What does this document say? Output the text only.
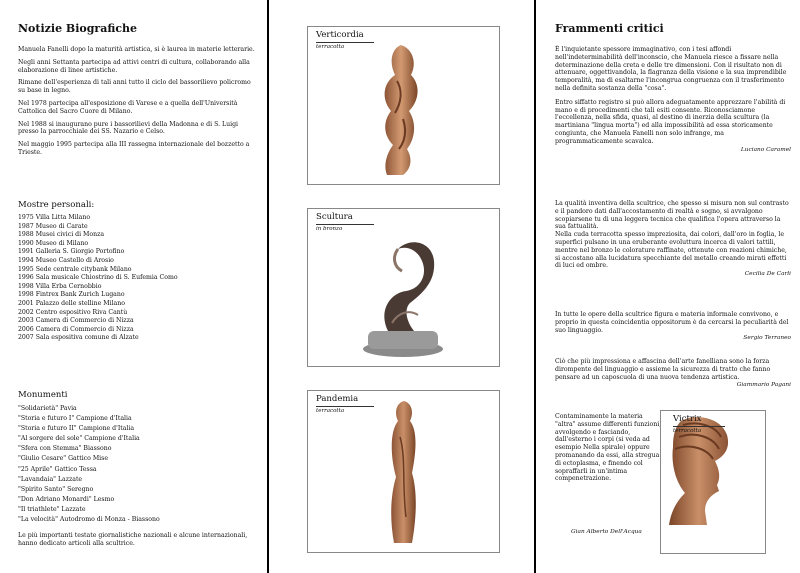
Notizie Biografiche

Manuela Fanelli dopo la maturità artistica, si è laurea in materie letterarie.

Negli anni Settanta partecipa ad attivi centri di cultura, collaborando alla elaborazione di linee artistiche.

Rimane dell'esperienza di tali anni tutto il ciclo del bassorilievo policromo su base in legno.

Nel 1978 partecipa all'esposizione di Varese e a quella dell'Università Cattolica del Sacro Cuore di Milano.

Nel 1988 si inaugurano pure i bassorilievi della Madonna e di S. Luigi presso la parrocchiale dei SS. Nazario e Celso.

Nel maggio 1995 partecipa alla III rassegna internazionale del bozzetto a Trieste.

Mostre personali:
1975 Villa Litta Milano
1987 Museo di Carate
1988 Musei civici di Monza
1990 Museo di Milano
1991 Galleria S. Giorgio Portofino
1994 Museo Castello di Arosio
1995 Sede centrale citybank Milano
1996 Sala musicale Chiostrino di S. Eufemia Como
1998 Villa Erba Cernobbio
1998 Fintrex Bank Zurich Lugano
2001 Palazzo delle stelline Milano
2002 Centro espositivo Riva Cantù
2003 Camera di Commercio di Nizza
2006 Camera di Commercio di Nizza
2007 Sala espositiva comune di Alzate
Monumenti
"Solidarietà" Pavia
"Storia e futuro I" Campione d'Italia
"Storia e futuro II" Campione d'Italia
"Al sorgere del sole" Campione d'Italia
"Sfera con Stemma" Biassono
"Giulio Cesare" Gattico Mise
"25 Aprile" Gattico Tessa
"Lavandaia" Lazzate
"Spirito Santo" Seregno
"Don Adriano Monardi" Lesmo
"Il triathlete" Lazzate
"La velocità" Autodromo di Monza - Biassono
Le più importanti testate giornalistiche nazionali e alcune internazionali, hanno dedicato articoli alla scultrice.
Verticordia
terracotta
Scultura
in bronzo
Pandemia
terracotta
Frammenti critici

È l'inquietante spessore immaginativo, con i tesi affondi nell'indeterminabilità dell'inconscio, che Manuela riesce a fissare nella determinazione della creta e delle tre dimensioni. Con il risultato non di attenuare, oggettivandola, la flagranza della visione e la sua imprendibile temporalità, ma di esaltarne l'incongrua congruenza con il trasferimento nella definita sostanza della "cosa".

Entro siffatto registro si può allora adeguatamente apprezzare l'abilità di mano e di procedimenti che tali esiti consente. Riconosciamone l'eccellenza, nella sfida, quasi, al destino di inerzia della scultura (la martiniana "lingua morta") ed alla impossibilità ad essa storicamente congiunta, che Manuela Fanelli non solo infrange, ma programmaticamente scavalca.

Luciano Caramel

La qualità inventiva della scultrice, che spesso si misura non sul contrasto e il pandoro dati dall'accostamento di realtà e sogno, si avvalgono scopiarsene tu di una leggera tecnica che qualifica l'opera attraverso la sua fattualità.

Nella cuda terracotta spesso impreziosita, dai colori, dall'oro in foglia, le superfici pulsano in una eruberante evoluttura incerca di valori tattili, mentre nel bronzo le colorature raffinate, ottenute con reazioni chimiche, si accostano alla lucidatura specchiante del metallo creando mirati effetti di luci ed ombre.

Cecilia De Carli

In tutte le opere della scultrice figura e materia informale convivono, e proprio in questa coincidentia oppositorum è da cercarsi la peculiarità del suo linguaggio.

Sergio Terraneo

Ciò che più impressiona e affascina dell'arte fanelliana sono la forza dirompente del linguaggio e assieme la sicurezza di tratto che fanno pensare ad un caposcuola di una nuova tendenza artistica.

Giammario Pagani
Contaminamente la materia "altra" assume differenti funzioni, avvolgendo e fasciando, dall'esterno i corpi (si veda ad esempio Nella spirale) oppure promanando da essi, alla stregua di ectoplasma, e finendo col sopraffarli in un'intima compenetrazione.
Gian Alberto Dell'Acqua
Victrix
terracotta
